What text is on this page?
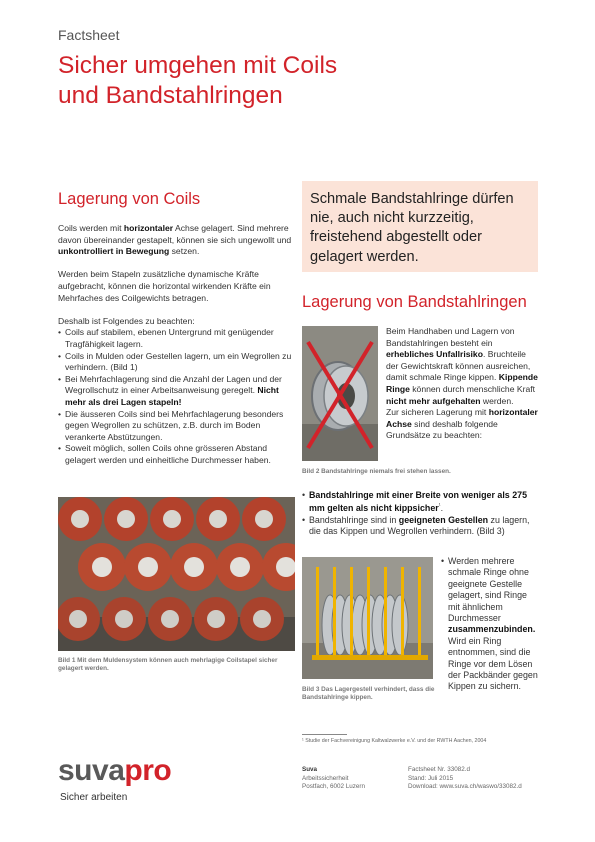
Factsheet
Sicher umgehen mit Coils
und Bandstahlringen
Lagerung von Coils

Coils werden mit horizontaler Achse gelagert. Sind mehrere davon übereinander gestapelt, können sie sich ungewollt und unkontrolliert in Bewegung setzen.

Werden beim Stapeln zusätzliche dynamische Kräfte aufgebracht, können die horizontal wirkenden Kräfte ein Mehrfaches des Coilgewichts betragen.

Deshalb ist Folgendes zu beachten:

• Coils auf stabilem, ebenen Untergrund mit genügender Tragfähigkeit lagern.
• Coils in Mulden oder Gestellen lagern, um ein Wegrollen zu verhindern. (Bild 1)
• Bei Mehrfachlagerung sind die Anzahl der Lagen und der Wegrollschutz in einer Arbeitsanweisung geregelt. Nicht mehr als drei Lagen stapeln!
• Die äusseren Coils sind bei Mehrfachlagerung besonders gegen Wegrollen zu schützen, z.B. durch im Boden verankerte Abstützungen.
• Soweit möglich, sollen Coils ohne grösseren Abstand gelagert werden und einheitliche Durchmesser haben.
Bild 1 Mit dem Muldensystem können auch mehrlagige Coilstapel sicher gelagert werden.

Schmale Bandstahlringe dürfen nie, auch nicht kurzzeitig, freistehend abgestellt oder gelagert werden.

Lagerung von Bandstahlringen

Beim Handhaben und Lagern von Bandstahlringen besteht ein erhebliches Unfallrisiko. Bruchteile der Gewichtskraft können ausreichen, damit schmale Ringe kippen. Kippende Ringe können durch menschliche Kraft nicht mehr aufgehalten werden.

Zur sicheren Lagerung mit horizontaler Achse sind deshalb folgende Grundsätze zu beachten:

Bild 2 Bandstahlringe niemals frei stehen lassen.
• Bandstahlringe mit einer Breite von weniger als 275 mm gelten als nicht kippsicher$^{^1}$.
• Bandstahlringe sind in geeigneten Gestellen zu lagern, die das Kippen und Wegrollen verhindern. (Bild 3)
Bild 3 Das Lagergestell verhindert, dass die Bandstahlringe kippen.
• Werden mehrere schmale Ringe ohne geeignete Gestelle gelagert, sind Ringe mit ähnlichem Durchmesser zusammenzubinden. Wird ein Ring entnommen, sind die Ringe vor dem Lösen der Packbänder gegen Kippen zu sichern.
¹ Studie der Fachvereinigung Kaltwalzwerke e.V. und der RWTH Aachen, 2004
suvapro
Sicher arbeiten
Suva
Arbeitssicherheit
Postfach, 6002 Luzern
Factsheet Nr. 33082.d
Stand: Juli 2015
Download: www.suva.ch/waswo/33082.d
